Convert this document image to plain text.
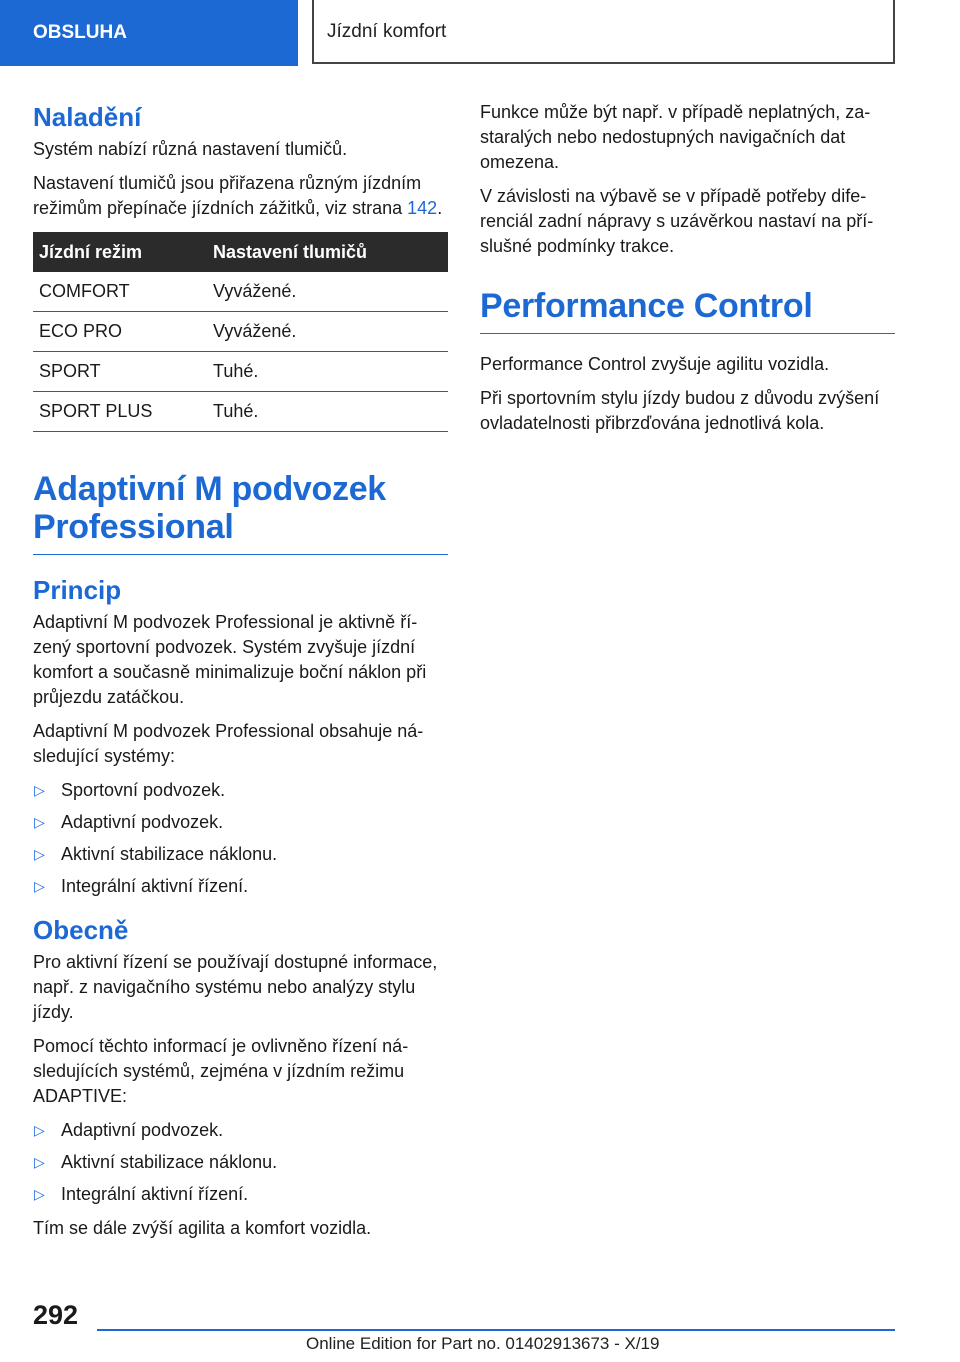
OBSLUHA	Jízdní komfort
Naladění

Systém nabízí různá nastavení tlumičů.

Nastavení tlumičů jsou přiřazena různým jízdním režimům přepínače jízdních zážitků, viz strana 142.

Jízdní režim	Nastavení tlumičů
COMFORT	Vyvážené.
ECO PRO	Vyvážené.
SPORT	Tuhé.
SPORT PLUS	Tuhé.
Adaptivní M podvozek Professional
Princip

Adaptivní M podvozek Professional je aktivně řízený sportovní podvozek. Systém zvyšuje jízdní komfort a současně minimalizuje boční náklon při průjezdu zatáčkou.

Adaptivní M podvozek Professional obsahuje následující systémy:

▷ Sportovní podvozek.
▷ Adaptivní podvozek.
▷ Aktivní stabilizace náklonu.
▷ Integrální aktivní řízení.
Obecně

Pro aktivní řízení se používají dostupné informace, např. z navigačního systému nebo analýzy stylu jízdy.

Pomocí těchto informací je ovlivněno řízení následujících systémů, zejména v jízdním režimu ADAPTIVE:

▷ Adaptivní podvozek.
▷ Aktivní stabilizace náklonu.
▷ Integrální aktivní řízení.

Tím se dále zvýší agilita a komfort vozidla.

Funkce může být např. v případě neplatných, zastaralých nebo nedostupných navigačních dat omezena.

V závislosti na výbavě se v případě potřeby diferenciál zadní nápravy s uzávěrkou nastaví na příslušné podmínky trakce.

Performance Control

Performance Control zvyšuje agilitu vozidla.

Při sportovním stylu jízdy budou z důvodu zvýšení ovladatelnosti přibrzďována jednotlivá kola.

292
Online Edition for Part no. 01402913673 - X/19
